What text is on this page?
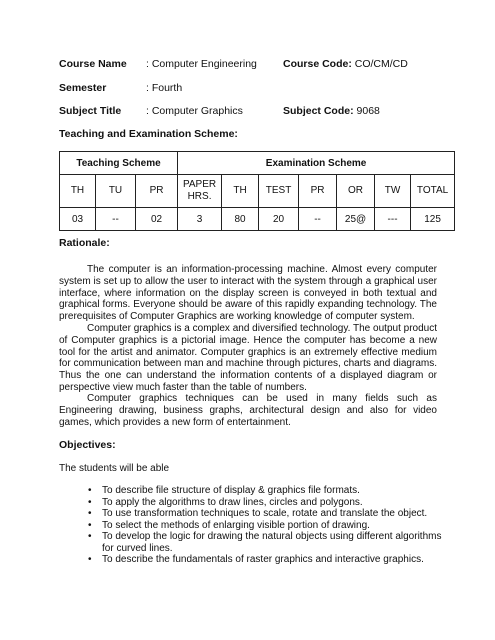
Course Name : Computer Engineering Course Code: CO/CM/CD
Semester	: Fourth
Subject Title : Computer Graphics	Subject Code: 9068
Teaching and Examination Scheme:
Teaching Scheme			Examination Scheme						
TH	TU	PR	PAPER HRS.	TH	TEST	PR	OR	TW	TOTAL
03	--	02	3	80	20	--	25@	---	125
Rationale:

The computer is an information-processing machine. Almost every computer system is set up to allow the user to interact with the system through a graphical user interface, where information on the display screen is conveyed in both textual and graphical forms. Everyone should be aware of this rapidly expanding technology. The prerequisites of Computer Graphics are working knowledge of computer system.

Computer graphics is a complex and diversified technology. The output product of Computer graphics is a pictorial image. Hence the computer has become a new tool for the artist and animator. Computer graphics is an extremely effective medium for communication between man and machine through pictures, charts and diagrams. Thus the one can understand the information contents of a displayed diagram or perspective view much faster than the table of numbers.

Computer graphics techniques can be used in many fields such as Engineering drawing, business graphs, architectural design and also for video games, which provides a new form of entertainment.

Objectives:
The students will be able
• To describe file structure of display & graphics file formats.
• To apply the algorithms to draw lines, circles and polygons.
• To use transformation techniques to scale, rotate and translate the object.
• To select the methods of enlarging visible portion of drawing.
• To develop the logic for drawing the natural objects using different algorithms for curved lines.
• To describe the fundamentals of raster graphics and interactive graphics.
